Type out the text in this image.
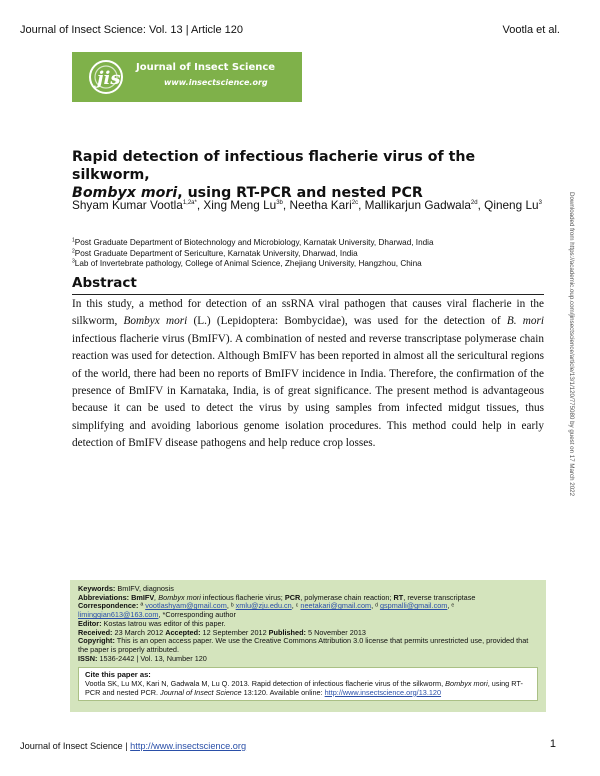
Journal of Insect Science: Vol. 13 | Article 120	Vootla et al.
jis
Journal of Insect Science
www.insectscience.org
Rapid detection of infectious flacherie virus of the silkworm,
Bombyx mori, using RT-PCR and nested PCR
Shyam Kumar Vootla$^{1,2a*}$, Xing Meng $Lu^{3b}$, Neetha Kari$^{2c}$, Mallikarjun Gadwala$^{2d}$, Qineng Lu$^3$
$^1$Post Graduate Department of Biotechnology and Microbiology, Karnatak University, Dharwad, India
$^2$Post Graduate Department of Sericulture, Karnatak University, Dharwad, India
$^3$Lab of Invertebrate pathology, College of Animal Science, Zhejiang University, Hangzhou, China
Abstract
In this study, a method for detection of an ssRNA viral pathogen that causes viral flacherie in the silkworm, Bombyx mori (L.) (Lepidoptera: Bombycidae), was used for the detection of B. mori infectious flacherie virus (BmIFV). A combination of nested and reverse transcriptase polymerase chain reaction was used for detection. Although BmIFV has been reported in almost all the sericultural regions of the world, there had been no reports of BmIFV incidence in India. Therefore, the confirmation of the presence of BmIFV in Karnataka, India, is of great significance. The present method is advantageous because it can be used to detect the virus by using samples from infected midgut tissues, thus simplifying and avoiding laborious genome isolation procedures. This method could help in early detection of BmIFV disease pathogens and help reduce crop losses.	Downloaded from https://academic.oup.com/jinsectscience/article/13/1/120/775080 by guest on 17 March 2022
Keywords: BmIFV, diagnosis
Abbreviations: BmIFV, Bombyx mori infectious flacherie virus; PCR, polymerase chain reaction; RT, reverse transcriptase
Correspondence: ª vootlashyam@gmail.com, ᵇ xmlu@zju.edu.cn, ᶜ neetakari@gmail.com, ᵈ gspmalli@gmail.com, ᵉ limingqian613@163.com, *Corresponding author
Editor: Kostas Iatrou was editor of this paper.
Received: 23 March 2012 Accepted: 12 September 2012 Published: 5 November 2013
Copyright: This is an open access paper. We use the Creative Commons Attribution 3.0 license that permits unrestricted use, provided that the paper is properly attributed.
ISSN: 1536-2442 | Vol. 13, Number 120
Cite this paper as:
Vootla SK, Lu MX, Kari N, Gadwala M, Lu Q. 2013. Rapid detection of infectious flacherie virus of the silkworm, Bombyx mori, using RT-PCR and nested PCR. Journal of Insect Science 13:120. Available online: http://www.insectscience.org/13.120
Journal of Insect Science | http://www.insectscience.org	1
